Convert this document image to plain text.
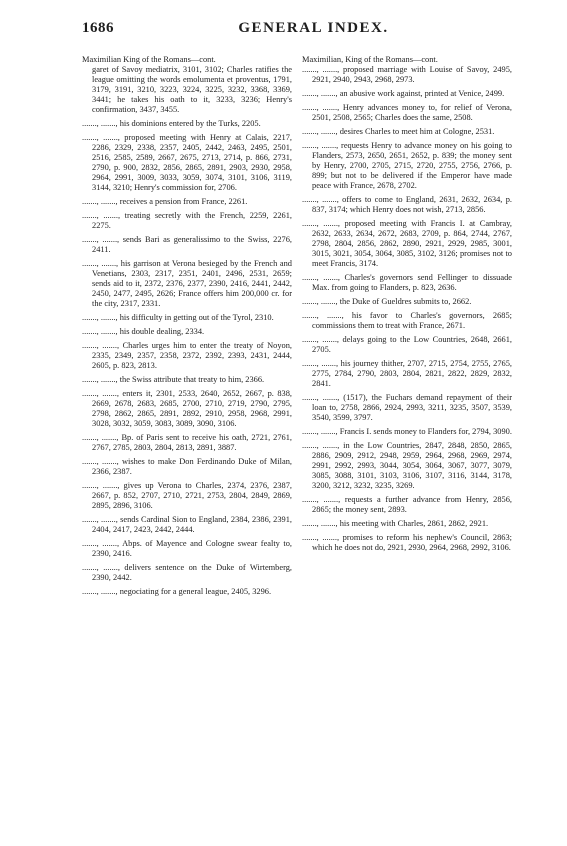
1686	GENERAL INDEX.
Maximilian King of the Romans—cont.
garet of Savoy mediatrix, 3101, 3102; Charles ratifies the league omitting the words emolumenta et proventus, 1791, 3179, 3191, 3210, 3223, 3224, 3225, 3232, 3368, 3369, 3441; he takes his oath to it, 3233, 3236; Henry's confirmation, 3437, 3455.
......., ......., his dominions entered by the Turks, 2205.
......., ......., proposed meeting with Henry at Calais, 2217, 2286, 2329, 2338, 2357, 2405, 2442, 2463, 2495, 2501, 2516, 2585, 2589, 2667, 2675, 2713, 2714, p. 866, 2731, 2790, p. 900, 2832, 2856, 2865, 2891, 2903, 2930, 2958, 2964, 2991, 3009, 3033, 3059, 3074, 3101, 3106, 3119, 3144, 3210; Henry's commission for, 2706.
......., ......., receives a pension from France, 2261.
......., ......., treating secretly with the French, 2259, 2261, 2275.
......., ......., sends Bari as generalissimo to the Swiss, 2276, 2411.
......., ......., his garrison at Verona besieged by the French and Venetians, 2303, 2317, 2351, 2401, 2496, 2531, 2659; sends aid to it, 2372, 2376, 2377, 2390, 2416, 2441, 2442, 2450, 2477, 2495, 2626; France offers him 200,000 cr. for the city, 2317, 2331.
......., ......., his difficulty in getting out of the Tyrol, 2310.
......., ......., his double dealing, 2334.
......., ......., Charles urges him to enter the treaty of Noyon, 2335, 2349, 2357, 2358, 2372, 2392, 2393, 2431, 2444, 2605, p. 823, 2813.
......., ......., the Swiss attribute that treaty to him, 2366.
......., ......., enters it, 2301, 2533, 2640, 2652, 2667, p. 838, 2669, 2678, 2683, 2685, 2700, 2710, 2719, 2790, 2795, 2798, 2862, 2865, 2891, 2892, 2910, 2958, 2968, 2991, 3028, 3032, 3059, 3083, 3089, 3090, 3106.
......., ......., Bp. of Paris sent to receive his oath, 2721, 2761, 2767, 2785, 2803, 2804, 2813, 2891, 3887.
......., ......., wishes to make Don Ferdinando Duke of Milan, 2366, 2387.
......., ......., gives up Verona to Charles, 2374, 2376, 2387, 2667, p. 852, 2707, 2710, 2721, 2753, 2804, 2849, 2869, 2895, 2896, 3106.
......., ......., sends Cardinal Sion to England, 2384, 2386, 2391, 2404, 2417, 2423, 2442, 2444.
......., ......., Abps. of Mayence and Cologne swear fealty to, 2390, 2416.
......., ......., delivers sentence on the Duke of Wirtemberg, 2390, 2442.
......., ......., negociating for a general league, 2405, 3296.
Maximilian, King of the Romans—cont.
......., ......., proposed marriage with Louise of Savoy, 2495, 2921, 2940, 2943, 2968, 2973.
......., ......., an abusive work against, printed at Venice, 2499.
......., ......., Henry advances money to, for relief of Verona, 2501, 2508, 2565; Charles does the same, 2508.
......., ......., desires Charles to meet him at Cologne, 2531.
......., ......., requests Henry to advance money on his going to Flanders, 2573, 2650, 2651, 2652, p. 839; the money sent by Henry, 2700, 2705, 2715, 2720, 2755, 2756, 2766, p. 899; but not to be delivered if the Emperor have made peace with France, 2678, 2702.
......., ......., offers to come to England, 2631, 2632, 2634, p. 837, 3174; which Henry does not wish, 2713, 2856.
......., ......., proposed meeting with Francis I. at Cambray, 2632, 2633, 2634, 2672, 2683, 2709, p. 864, 2744, 2767, 2798, 2804, 2856, 2862, 2890, 2921, 2929, 2985, 3001, 3015, 3021, 3054, 3064, 3085, 3102, 3126; promises not to meet Francis, 3174.
......., ......., Charles's governors send Fellinger to dissuade Max. from going to Flanders, p. 823, 2636.
......., ......., the Duke of Gueldres submits to, 2662.
......., ......., his favor to Charles's governors, 2685; commissions them to treat with France, 2671.
......., ......., delays going to the Low Countries, 2648, 2661, 2705.
......., ......., his journey thither, 2707, 2715, 2754, 2755, 2765, 2775, 2784, 2790, 2803, 2804, 2821, 2822, 2829, 2832, 2841.
......., ......., (1517), the Fuchars demand repayment of their loan to, 2758, 2866, 2924, 2993, 3211, 3235, 3507, 3539, 3540, 3599, 3797.
......., ......., Francis I. sends money to Flanders for, 2794, 3090.
......., ......., in the Low Countries, 2847, 2848, 2850, 2865, 2886, 2909, 2912, 2948, 2959, 2964, 2968, 2969, 2974, 2991, 2992, 2993, 3044, 3054, 3064, 3067, 3077, 3079, 3085, 3088, 3101, 3103, 3106, 3107, 3116, 3144, 3178, 3200, 3212, 3232, 3235, 3269.
......., ......., requests a further advance from Henry, 2856, 2865; the money sent, 2893.
......., ......., his meeting with Charles, 2861, 2862, 2921.
......., ......., promises to reform his nephew's Council, 2863; which he does not do, 2921, 2930, 2964, 2968, 2992, 3106.
